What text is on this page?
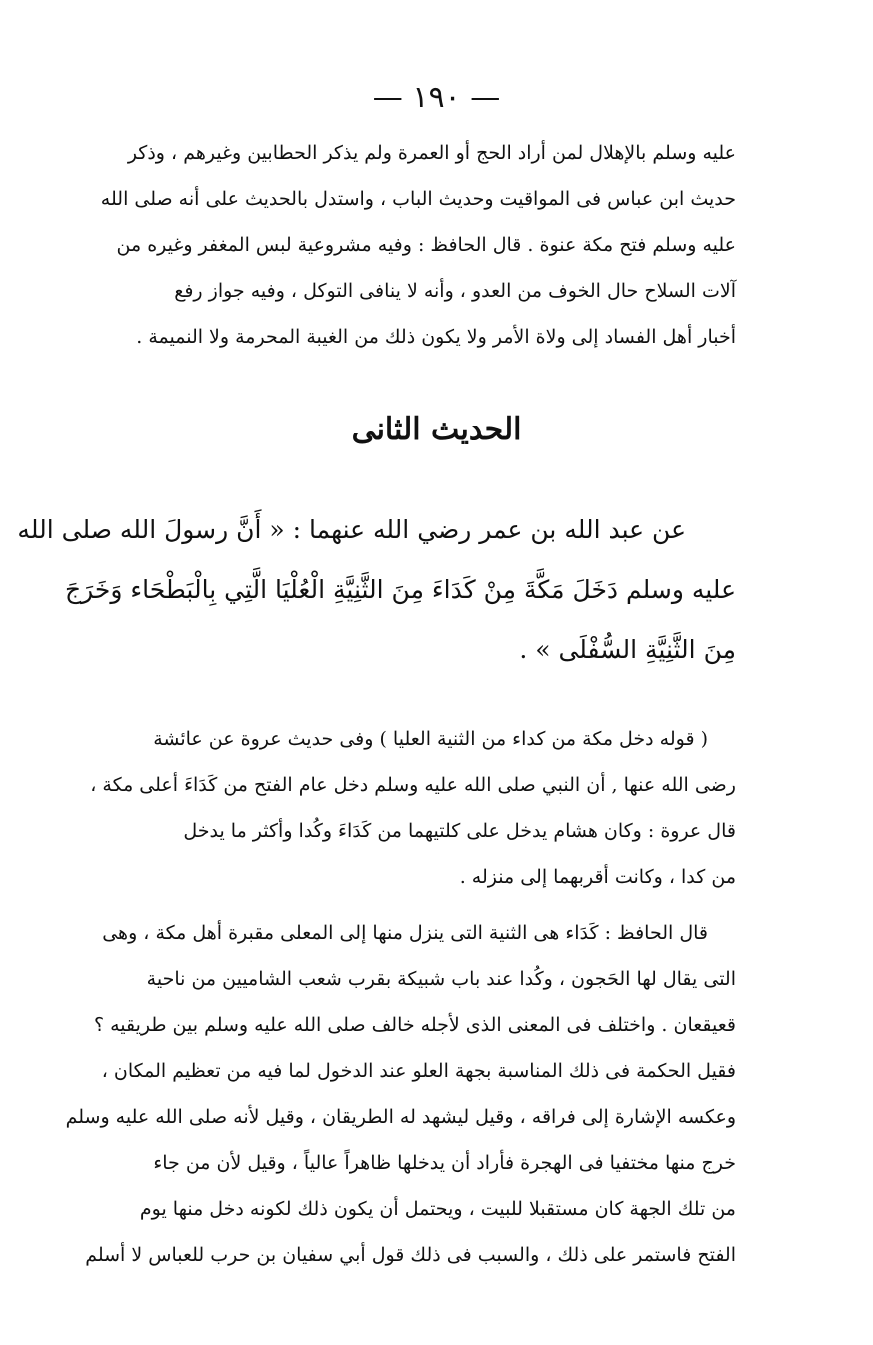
— ١٩٠ —
عليه وسلم بالإهلال لمن أراد الحج أو العمرة ولم يذكر الحطابين وغيرهم ، وذكر
حديث ابن عباس فى المواقيت وحديث الباب ، واستدل بالحديث على أنه صلى الله
عليه وسلم فتح مكة عنوة . قال الحافظ : وفيه مشروعية لبس المغفر وغيره من
آلات السلاح حال الخوف من العدو ، وأنه لا ينافى التوكل ، وفيه جواز رفع
أخبار أهل الفساد إلى ولاة الأمر ولا يكون ذلك من الغيبة المحرمة ولا النميمة .
الحديث الثانى
عن عبد الله بن عمر رضي الله عنهما : « أَنَّ رسولَ الله صلى الله
عليه وسلم دَخَلَ مَكَّةَ مِنْ كَدَاءَ مِنَ الثَّنِيَّةِ الْعُلْيَا الَّتِي بِالْبَطْحَاء وَخَرَجَ
مِنَ الثَّنِيَّةِ السُّفْلَى » .
( قوله دخل مكة من كداء من الثنية العليا ) وفى حديث عروة عن عائشة
رضى الله عنها , أن النبي صلى الله عليه وسلم دخل عام الفتح من كَدَاءَ أعلى مكة ،
قال عروة : وكان هشام يدخل على كلتيهما من كَدَاءَ وكُدا وأكثر ما يدخل
من كدا ، وكانت أقربهما إلى منزله .
قال الحافظ : كَدَاء هى الثنية التى ينزل منها إلى المعلى مقبرة أهل مكة ، وهى
التى يقال لها الحَجون ، وكُدا عند باب شبيكة بقرب شعب الشاميين من ناحية
قعيقعان . واختلف فى المعنى الذى لأجله خالف صلى الله عليه وسلم بين طريقيه ؟
فقيل الحكمة فى ذلك المناسبة بجهة العلو عند الدخول لما فيه من تعظيم المكان ،
وعكسه الإشارة إلى فراقه ، وقيل ليشهد له الطريقان ، وقيل لأنه صلى الله عليه وسلم
خرج منها مختفيا فى الهجرة فأراد أن يدخلها ظاهراً عالياً ، وقيل لأن من جاء
من تلك الجهة كان مستقبلا للبيت ، ويحتمل أن يكون ذلك لكونه دخل منها يوم
الفتح فاستمر على ذلك ، والسبب فى ذلك قول أبي سفيان بن حرب للعباس لا أسلم
